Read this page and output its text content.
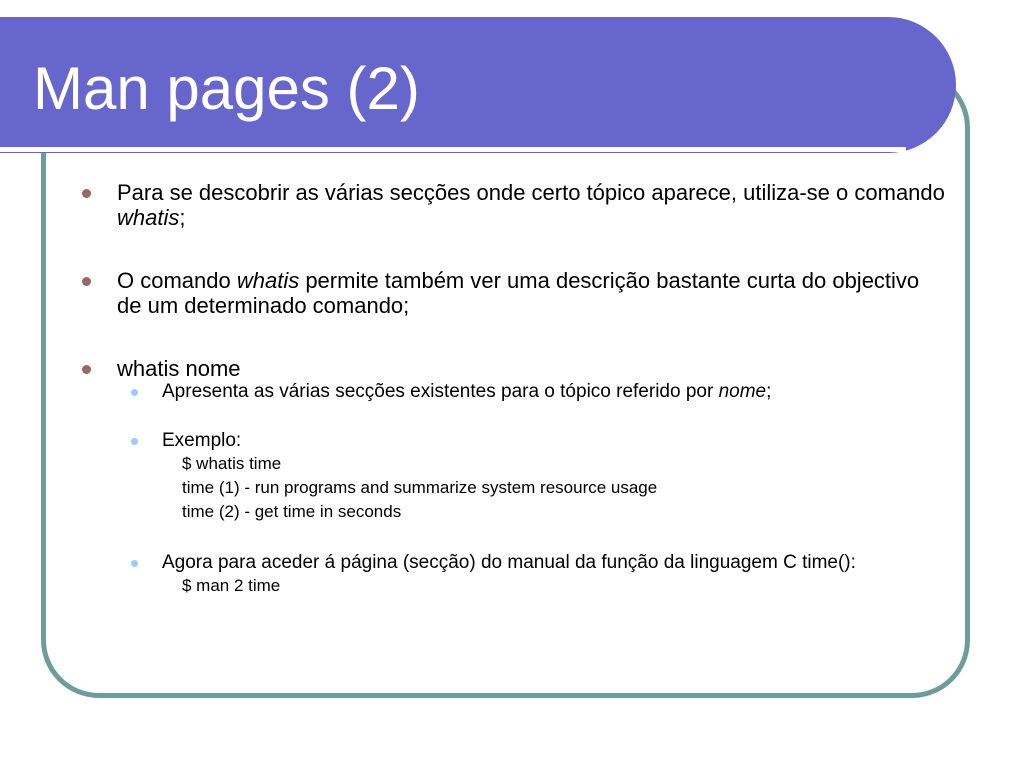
Man pages (2)

Para se descobrir as várias secções onde certo tópico aparece, utiliza-se o comando whatis;

O comando whatis permite também ver uma descrição bastante curta do objectivo de um determinado comando;

whatis nome

Apresenta as várias secções existentes para o tópico referido por nome;

Exemplo:

$ whatis time

time (1) - run programs and summarize system resource usage

time (2) - get time in seconds

Agora para aceder á página (secção) do manual da função da linguagem C time():

$ man 2 time
